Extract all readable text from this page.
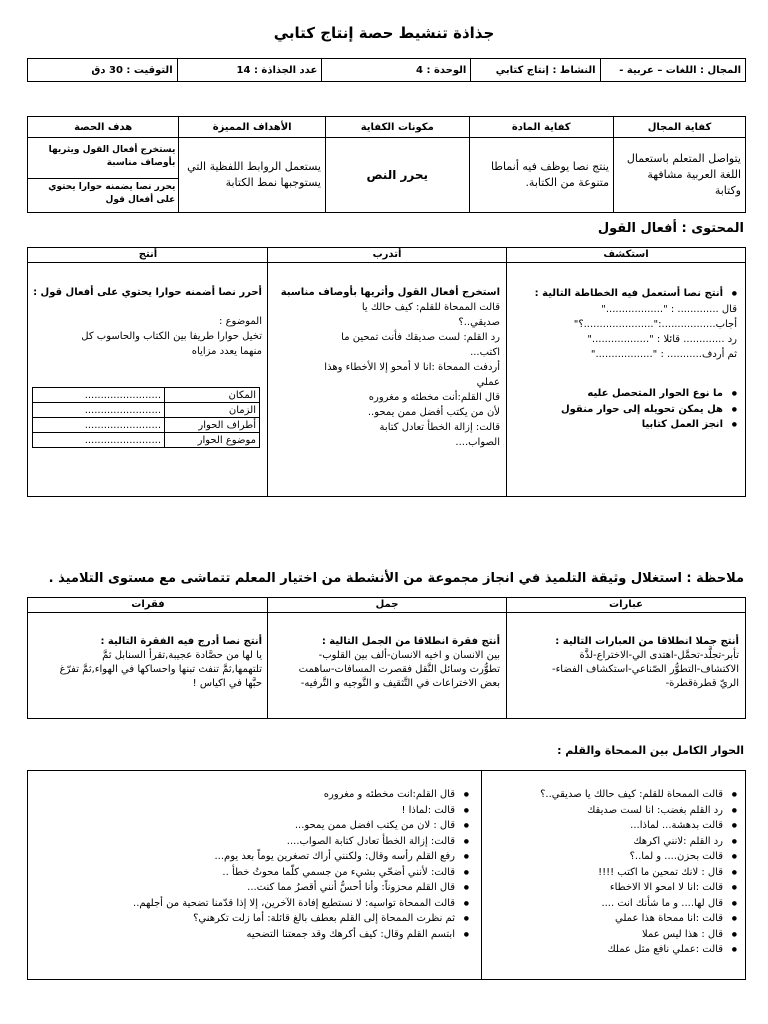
جذاذة تنشيط حصة إنتاج كتابي
المجال : اللغات – عربية -	النشاط : إنتاج كتابي	الوحدة : 4	عدد الجذاذة : 14	التوقيت : 30 دق
كفاية المجال	كفاية المادة	مكونات الكفاية	الأهداف المميزة	هدف الحصة
يتواصل المتعلم باستعمال اللغة العربية مشافهة وكتابة	ينتج نصا يوظف فيه أنماطا متنوعة من الكتابة.	يحرر النص	يستعمل الروابط اللفظية التي يستوجبها نمط الكتابة	يستخرج أفعال القول ويثريها بأوصاف مناسبة
يحرر نصا يضمنه حوارا يحتوي على أفعال قول
المحتوى : أفعال القول
استكشف
● أنتج نصا أستعمل فيه الخطاطة التالية :
قال ............. : ".................."
أجاب.................:"......................؟"
رد ............. قائلا : ".................."
ثم أردف........... : ".................."
● ما نوع الحوار المتحصل عليه
● هل يمكن تحويله إلى حوار منقول
● انجز العمل كتابيا
أتدرب
استخرج أفعال القول وأثريها بأوصاف مناسبة
قالت الممحاة للقلم: كيف حالك يا
صديقي..؟
رد القلم: لست صديقك فأنت تمحين ما
اكتب...
أردفت الممحاة :انا لا أمحو إلا الأخطاء وهذا
عملي
قال القلم:أنت مخطئه و مغروره
لأن من يكتب أفضل ممن يمحو..
قالت: إزالة الخطأ تعادل كتابة
الصواب....
أنتج
أحرر نصا أضمنه حوارا يحتوي على أفعال قول :
الموضوع :
تخيل حوارا طريفا بين الكتاب والحاسوب كل
منهما يعدد مزاياه
المكان	........................
الزمان	........................
أطراف الحوار	........................
موضوع الحوار	........................
ملاحظة : استغلال وثيقة التلميذ في انجاز مجموعة من الأنشطة من اختيار المعلم تتماشى مع مستوى التلاميذ .
عبارات
أنتج جملا انطلاقا من العبارات التالية :
تأبر-تجلَّد-تحمَّل-اهتدى الي-الاختراع-لذَّة
الاكتشاف-التطوُّر الصّناعي-استكشاف الفضاء-
الريّ قطرةقطرة-
جمل
أنتج فقرة انطلاقا من الجمل التالية :
بين الانسان و اخيه الانسان-ألف بين القلوب-
تطوُّرت وسائل النَّقل فقصرت المسافات-ساهمت
بعض الاختراعات في التَّثقيف و التَّوجيه و التَّرفيه-
فقرات
أنتج نصا أدرج فيه الفقرة التالية :
يا لها من حصَّادة عجيبة,تقرأ السنابل ثمَّ
تلتهمها,ثمَّ تنفث تبنها واحساكها في الهواء,ثمَّ تفرّغ
حبَّها في اكياس !
الحوار الكامل بين الممحاة والقلم :
● قالت الممحاة للقلم: كيف حالك يا صديقي..؟
● رد القلم بغضب: انا لست صديقك
● قالت بدهشة... لماذا...
● رد القلم :لانني اكرهك
● قالت بحزن.... و لما..؟
● قال : لانك تمحين ما اكتب !!!!
● قالت :انا لا امحو الا الاخطاء
● قال لها.... و ما شأنك انت ....
● قالت :انا ممحاة هذا عملي
● قال : هذا ليس عملا
● قالت :عملي نافع مثل عملك
● قال القلم:انت مخطئه و مغروره
● قالت :لماذا !
● قال : لان من يكتب افضل ممن يمحو...
● قالت: إزالة الخطأ تعادل كتابة الصواب....
● رفع القلم رأسه وقال: ولكنني أراك تصغرين يوماً بعد يوم...
● قالت: لأنني أضحّي بشيء من جسمي كلّما محوتُ خطأ ..
● قال القلم محزوناً: وأنا أحسُّ أنني أقصرُ مما كنت...
● قالت الممحاة تواسيه: لا نستطيع إفادة الآخرين، إلا إذا قدّمنا تضحية من أجلهم..
● ثم نظرت الممحاة إلى القلم بعطف بالغ قائلة: أما زلت تكرهني؟
● ابتسم القلم وقال: كيف أكرهك وقد جمعتنا التضحيه
